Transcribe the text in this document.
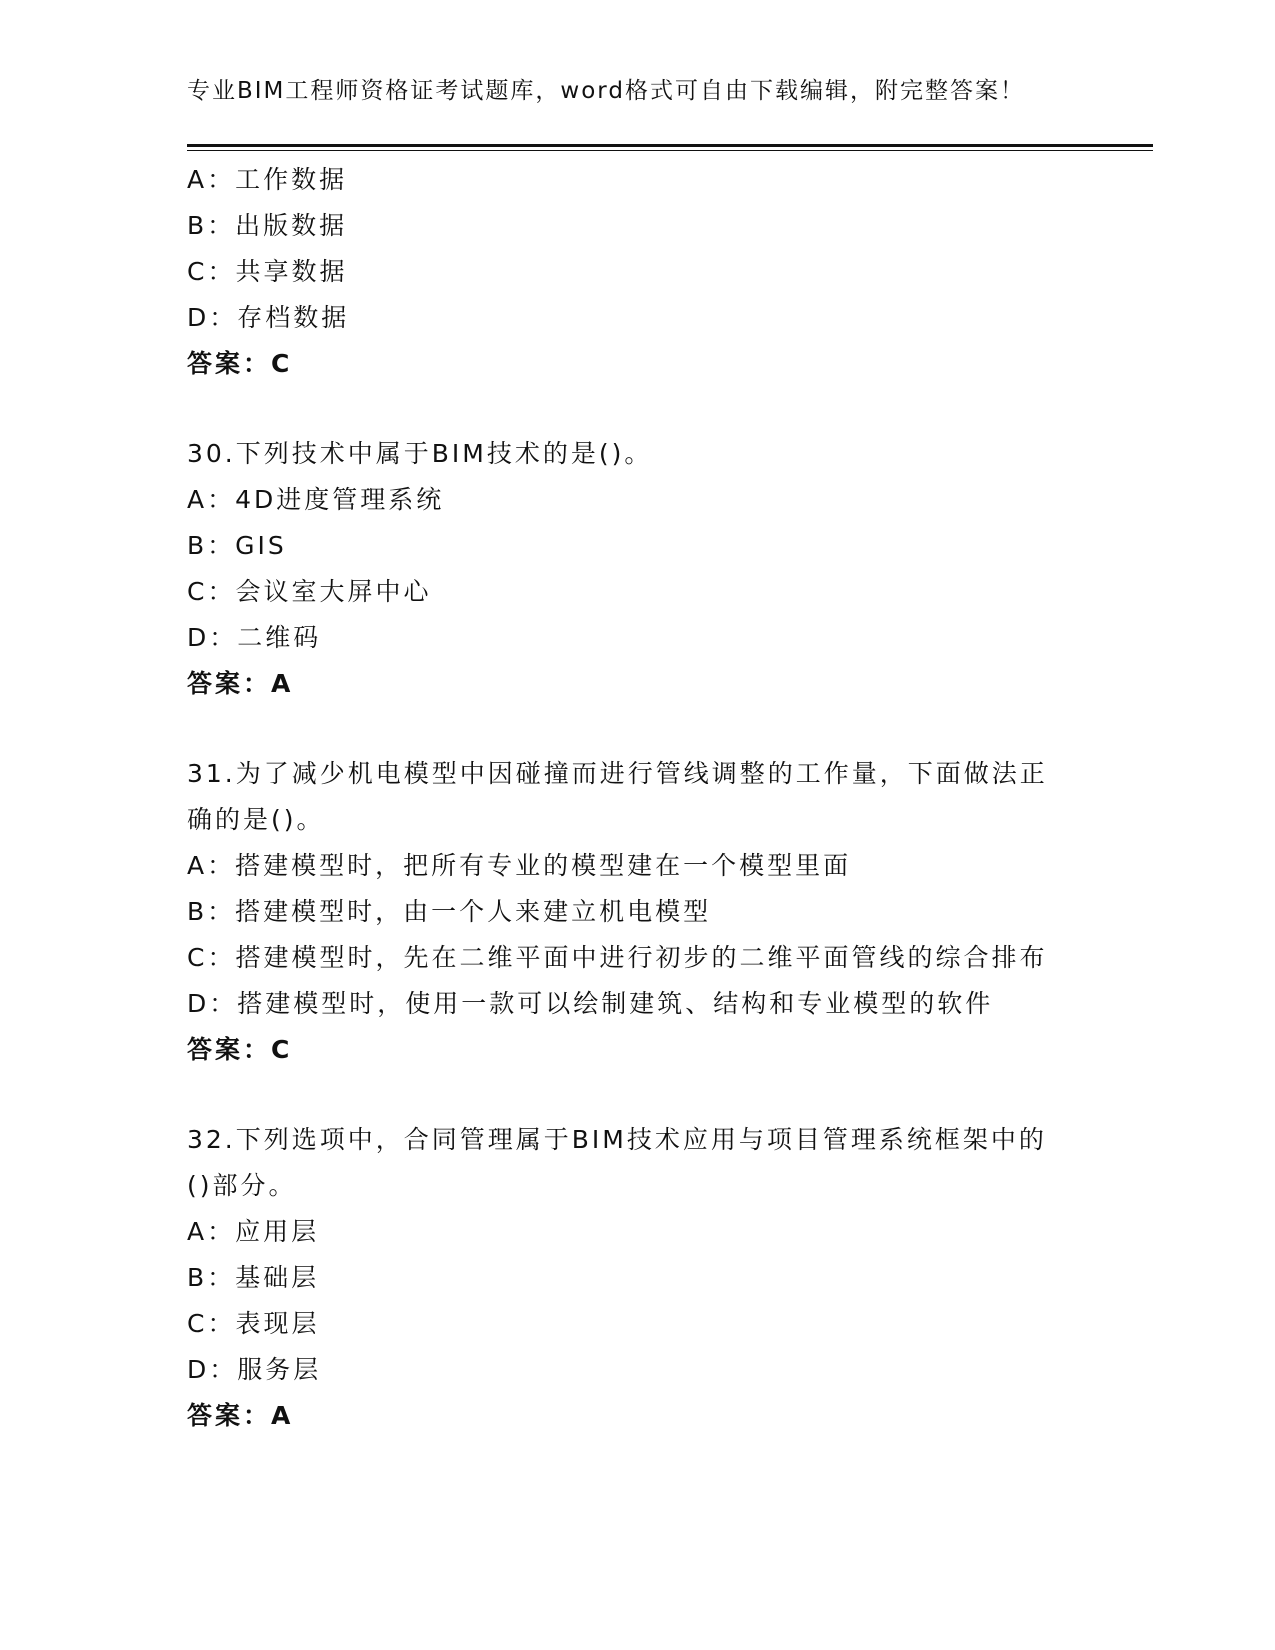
专业BIM工程师资格证考试题库，word格式可自由下载编辑，附完整答案！
A：工作数据
B：出版数据
C：共享数据
D：存档数据
答案：C
30.下列技术中属于BIM技术的是()。
A：4D进度管理系统
B：GIS
C：会议室大屏中心
D：二维码
答案：A
31.为了减少机电模型中因碰撞而进行管线调整的工作量，下面做法正
确的是()。
A：搭建模型时，把所有专业的模型建在一个模型里面
B：搭建模型时，由一个人来建立机电模型
C：搭建模型时，先在二维平面中进行初步的二维平面管线的综合排布
D：搭建模型时，使用一款可以绘制建筑、结构和专业模型的软件
答案：C
32.下列选项中，合同管理属于BIM技术应用与项目管理系统框架中的
()部分。
A：应用层
B：基础层
C：表现层
D：服务层
答案：A
